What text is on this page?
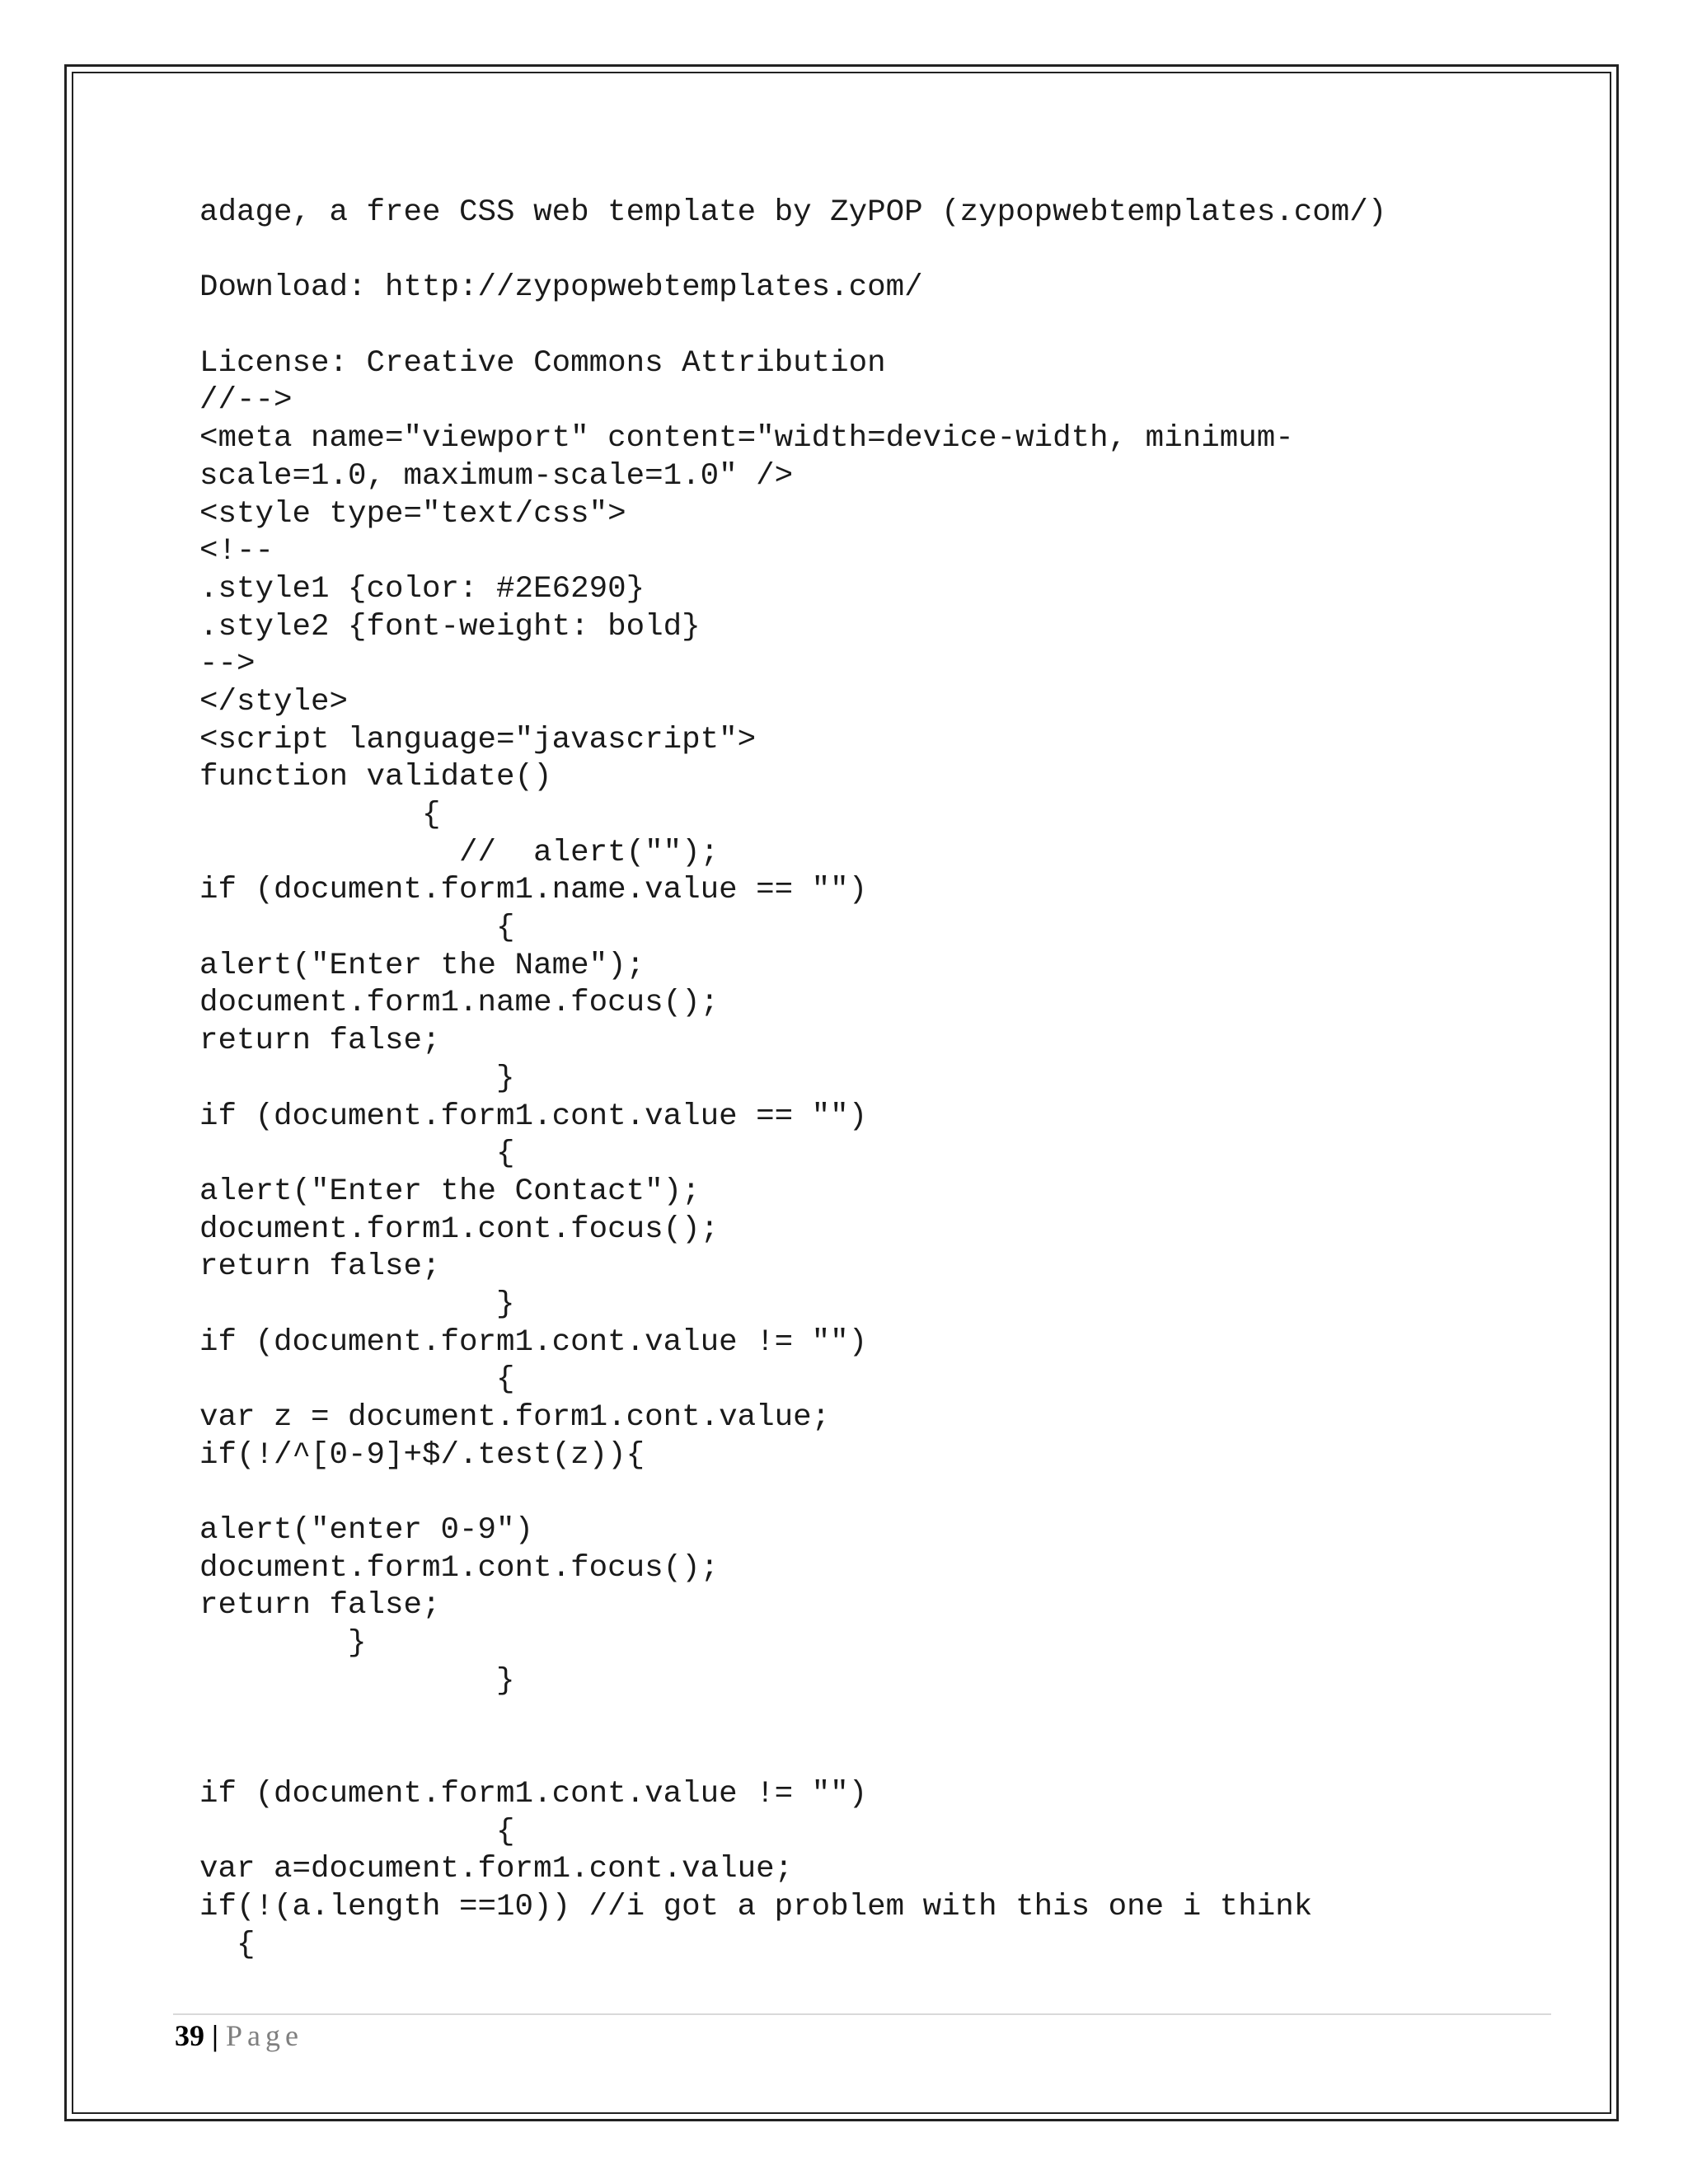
adage, a free CSS web template by ZyPOP (zypopwebtemplates.com/)
Download: http://zypopwebtemplates.com/
License: Creative Commons Attribution
//-->
<meta name="viewport" content="width=device-width, minimum-
scale=1.0, maximum-scale=1.0" />
<style type="text/css">
<!--
.style1 {color: #2E6290}
.style2 {font-weight: bold}
-->
</style>
<script language="javascript">
function validate()
{
//  alert("");
if (document.form1.name.value == "")
{
alert("Enter the Name");
document.form1.name.focus();
return false;
}
if (document.form1.cont.value == "")
{
alert("Enter the Contact");
document.form1.cont.focus();
return false;
}
if (document.form1.cont.value != "")
{
var z = document.form1.cont.value;
if(!/^[0-9]+$/.test(z)){
alert("enter 0-9")
document.form1.cont.focus();
return false;
}
}
if (document.form1.cont.value != "")
{
var a=document.form1.cont.value;
if(!(a.length ==10)) //i got a problem with this one i think
{
39 | Page
